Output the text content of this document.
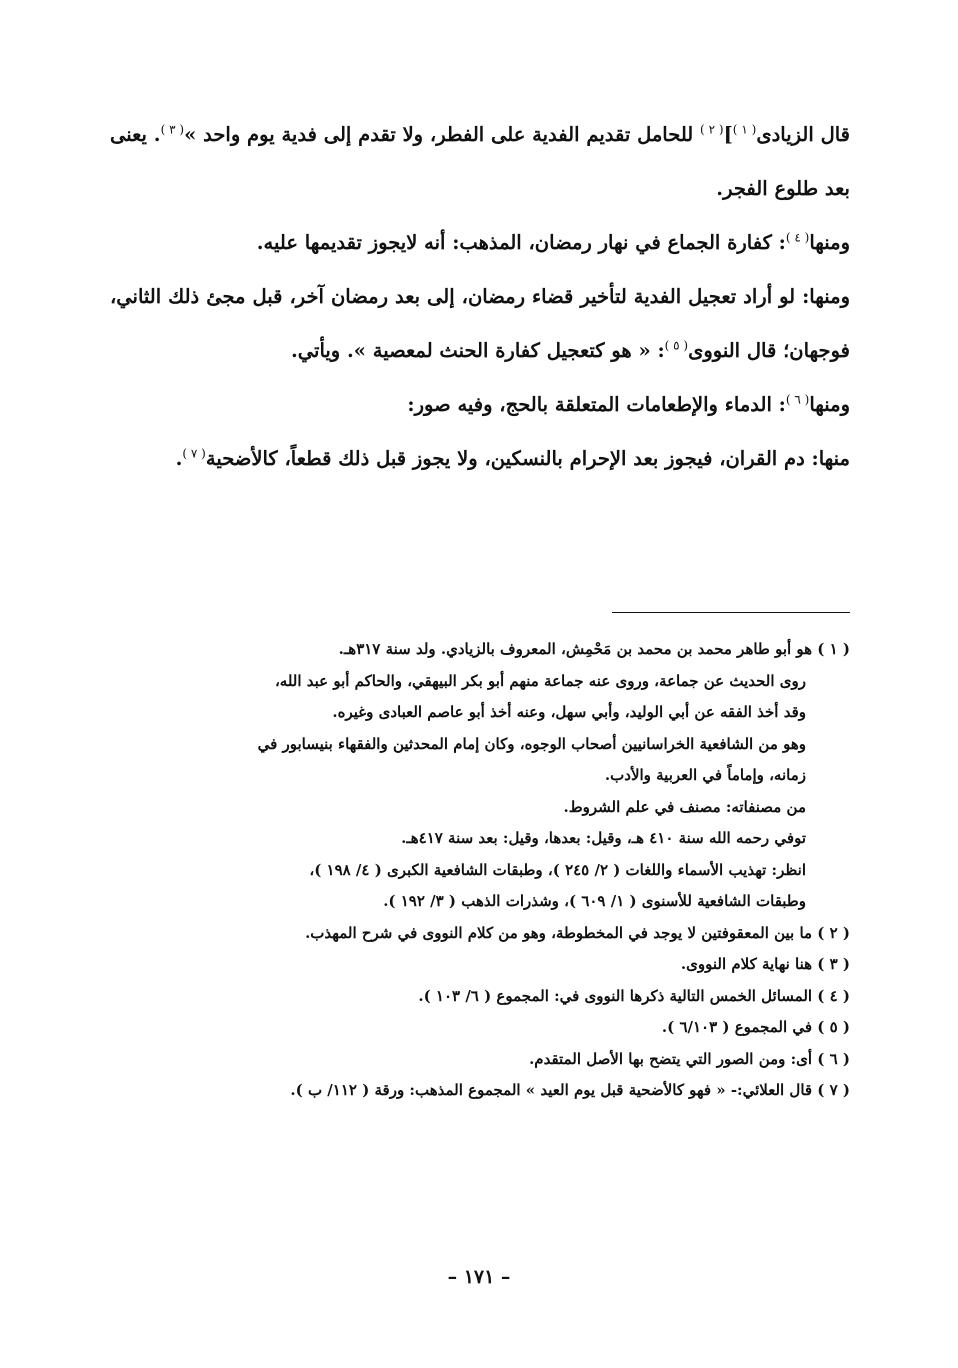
قال الزيادى$^{( ١ )}$]$^{( ٢ )}$ للحامل تقديم الفدية على الفطر، ولا تقدم إلى فدية يوم واحد »$^{( ٣ )}$. يعنى بعد طلوع الفجر.

ومنها$^{( ٤ )}$: كفارة الجماع في نهار رمضان، المذهب: أنه لايجوز تقديمها عليه.

ومنها: لو أراد تعجيل الفدية لتأخير قضاء رمضان، إلى بعد رمضان آخر، قبل مجئ ذلك الثاني، فوجهان؛ قال النووى$^{( ٥ )}$: « هو كتعجيل كفارة الحنث لمعصية ». ويأتي.

ومنها$^{( ٦ )}$: الدماء والإطعامات المتعلقة بالحج، وفيه صور:

منها: دم القران، فيجوز بعد الإحرام بالنسكين، ولا يجوز قبل ذلك قطعاً، كالأضحية$^{( ٧ )}$.

( ١ ) هو أبو طاهر محمد بن محمد بن مَحْمِش، المعروف بالزيادي. ولد سنة ٣١٧هـ.

روى الحديث عن جماعة، وروى عنه جماعة منهم أبو بكر البيهقي، والحاكم أبو عبد الله،

وقد أخذ الفقه عن أبي الوليد، وأبي سهل، وعنه أخذ أبو عاصم العبادى وغيره.

وهو من الشافعية الخراسانيين أصحاب الوجوه، وكان إمام المحدثين والفقهاء بنيسابور في

زمانه، وإماماً في العربية والأدب.

من مصنفاته: مصنف في علم الشروط.

توفي رحمه الله سنة ٤١٠ هـ، وقيل: بعدها، وقيل: بعد سنة ٤١٧هـ.

انظر: تهذيب الأسماء واللغات ( ٢/ ٢٤٥ )، وطبقات الشافعية الكبرى ( ٤/ ١٩٨ )،

وطبقات الشافعية للأسنوى ( ١/ ٦٠٩ )، وشذرات الذهب ( ٣/ ١٩٢ ).

( ٢ ) ما بين المعقوفتين لا يوجد في المخطوطة، وهو من كلام النووى في شرح المهذب.

( ٣ ) هنا نهاية كلام النووى.

( ٤ ) المسائل الخمس التالية ذكرها النووى في: المجموع ( ٦/ ١٠٣ ).

( ٥ ) في المجموع ( ٦/١٠٣ ).

( ٦ ) أى: ومن الصور التي يتضح بها الأصل المتقدم.

( ٧ ) قال العلائي:- « فهو كالأضحية قبل يوم العيد » المجموع المذهب: ورقة ( ١١٢/ ب ).

– ١٧١ –
